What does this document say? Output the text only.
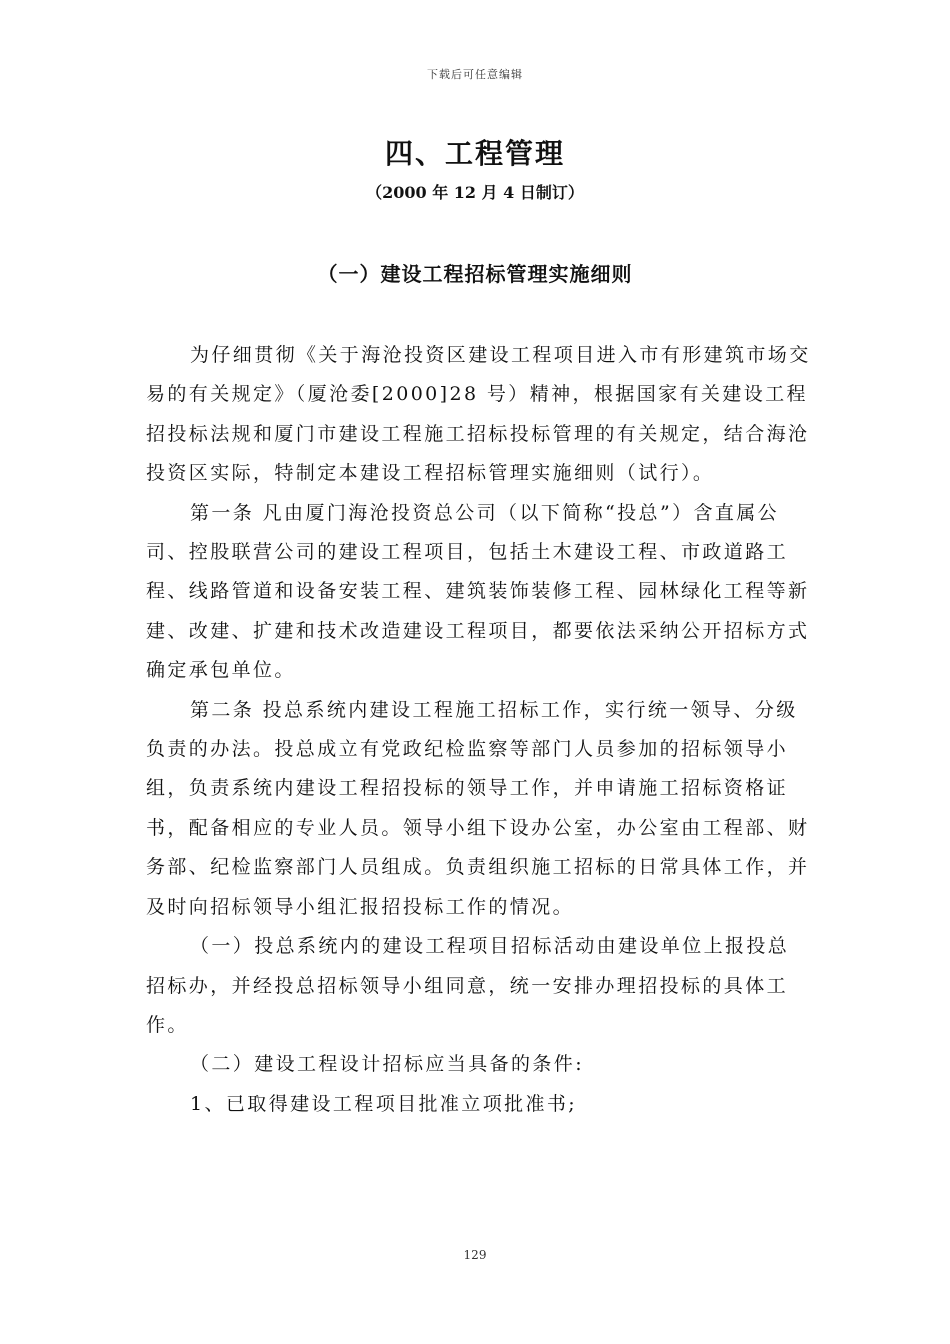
下载后可任意编辑
四、工程管理
（2000 年 12 月 4 日制订）
（一）建设工程招标管理实施细则

为仔细贯彻《关于海沧投资区建设工程项目进入市有形建筑市场交易的有关规定》（厦沧委[2000]28 号）精神，根据国家有关建设工程招投标法规和厦门市建设工程施工招标投标管理的有关规定，结合海沧投资区实际，特制定本建设工程招标管理实施细则（试行）。

第一条 凡由厦门海沧投资总公司（以下简称“投总”）含直属公司、控股联营公司的建设工程项目，包括土木建设工程、市政道路工程、线路管道和设备安装工程、建筑装饰装修工程、园林绿化工程等新建、改建、扩建和技术改造建设工程项目，都要依法采纳公开招标方式确定承包单位。

第二条 投总系统内建设工程施工招标工作，实行统一领导、分级负责的办法。投总成立有党政纪检监察等部门人员参加的招标领导小组，负责系统内建设工程招投标的领导工作，并申请施工招标资格证书，配备相应的专业人员。领导小组下设办公室，办公室由工程部、财务部、纪检监察部门人员组成。负责组织施工招标的日常具体工作，并及时向招标领导小组汇报招投标工作的情况。

（一）投总系统内的建设工程项目招标活动由建设单位上报投总

招标办，并经投总招标领导小组同意，统一安排办理招投标的具体工作。

（二）建设工程设计招标应当具备的条件:

1、已取得建设工程项目批准立项批准书;

129
